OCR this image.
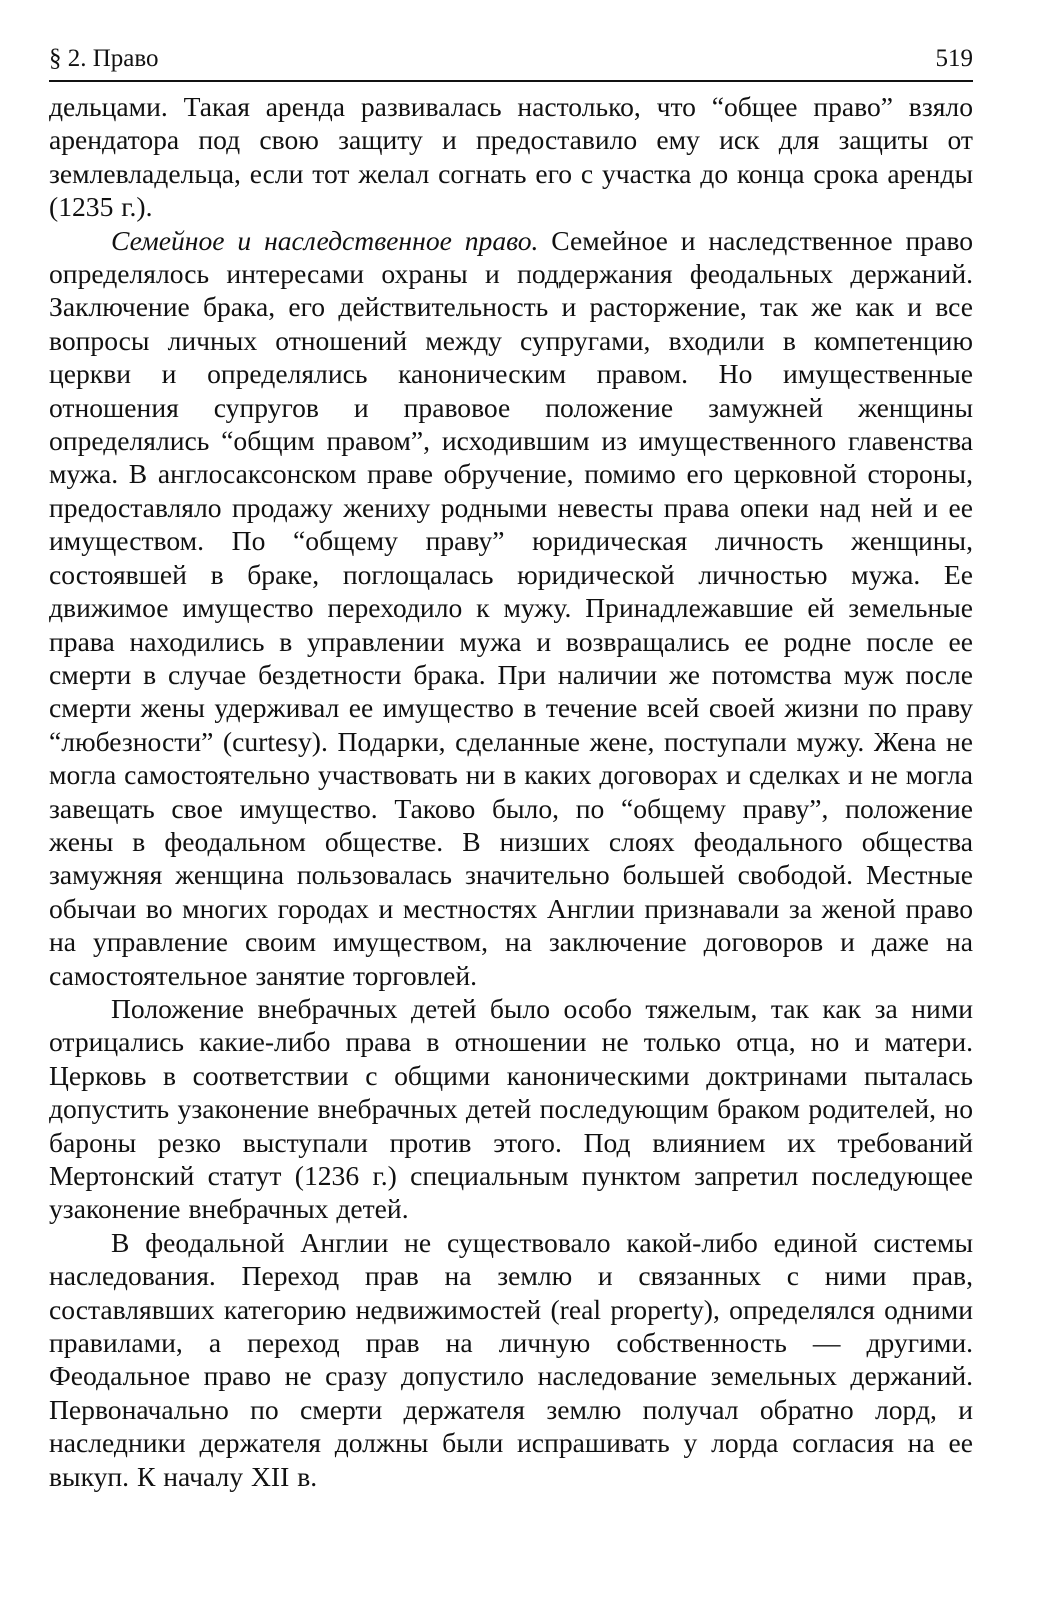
§ 2. Право	519

дельцами. Такая аренда развивалась настолько, что “общее право” взяло арендатора под свою защиту и предоставило ему иск для защиты от землевладельца, если тот желал согнать его с участка до конца срока аренды (1235 г.).

Семейное и наследственное право. Семейное и наследственное право определялось интересами охраны и поддержания феодальных держаний. Заключение брака, его действительность и расторжение, так же как и все вопросы личных отношений между супругами, входили в компетенцию церкви и определялись каноническим правом. Но имущественные отношения супругов и правовое положение замужней женщины определялись “общим правом”, исходившим из имущественного главенства мужа. В англосаксонском праве обручение, помимо его церковной стороны, предоставляло продажу жениху родными невесты права опеки над ней и ее имуществом. По “общему праву” юридическая личность женщины, состоявшей в браке, поглощалась юридической личностью мужа. Ее движимое имущество переходило к мужу. Принадлежавшие ей земельные права находились в управлении мужа и возвращались ее родне после ее смерти в случае бездетности брака. При наличии же потомства муж после смерти жены удерживал ее имущество в течение всей своей жизни по праву “любезности” (curtesy). Подарки, сделанные жене, поступали мужу. Жена не могла самостоятельно участвовать ни в каких договорах и сделках и не могла завещать свое имущество. Таково было, по “общему праву”, положение жены в феодальном обществе. В низших слоях феодального общества замужняя женщина пользовалась значительно большей свободой. Местные обычаи во многих городах и местностях Англии признавали за женой право на управление своим имуществом, на заключение договоров и даже на самостоятельное занятие торговлей.

Положение внебрачных детей было особо тяжелым, так как за ними отрицались какие-либо права в отношении не только отца, но и матери. Церковь в соответствии с общими каноническими доктринами пыталась допустить узаконение внебрачных детей последующим браком родителей, но бароны резко выступали против этого. Под влиянием их требований Мертонский статут (1236 г.) специальным пунктом запретил последующее узаконение внебрачных детей.

В феодальной Англии не существовало какой-либо единой системы наследования. Переход прав на землю и связанных с ними прав, составлявших категорию недвижимостей (real property), определялся одними правилами, а переход прав на личную собственность — другими. Феодальное право не сразу допустило наследование земельных держаний. Первоначально по смерти держателя землю получал обратно лорд, и наследники держателя должны были испрашивать у лорда согласия на ее выкуп. К началу XII в.
